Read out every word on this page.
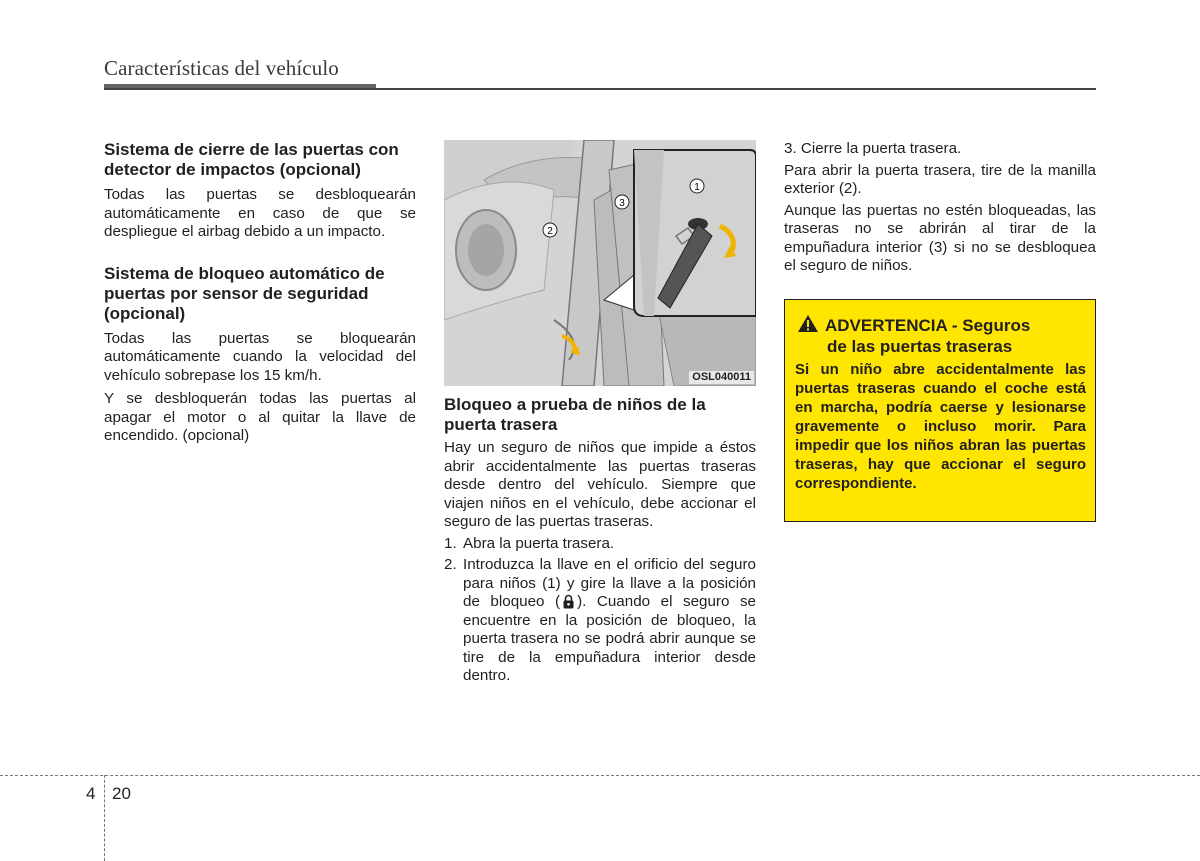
Características del vehículo
Sistema de cierre de las puertas con detector de impactos (opcional)

Todas las puertas se desbloquearán automáticamente en caso de que se despliegue el airbag debido a un impacto.

Sistema de bloqueo automático de puertas por sensor de seguridad (opcional)

Todas las puertas se bloquearán automáticamente cuando la velocidad del vehículo sobrepase los 15 km/h.

Y se desbloquerán todas las puertas al apagar el motor o al quitar la llave de encendido. (opcional)

1
3
2
OSL040011
Bloqueo a prueba de niños de la puerta trasera

Hay un seguro de niños que impide a éstos abrir accidentalmente las puertas traseras desde dentro del vehículo. Siempre que viajen niños en el vehículo, debe accionar el seguro de las puertas traseras.

1. Abra la puerta trasera.
2. Introduzca la llave en el orificio del seguro para niños (1) y gire la llave a la posición de bloqueo ( ). Cuando el seguro se encuentre en la posición de bloqueo, la puerta trasera no se podrá abrir aunque se tire de la empuñadura interior desde dentro.

3. Cierre la puerta trasera.

Para abrir la puerta trasera, tire de la manilla exterior (2).

Aunque las puertas no estén bloqueadas, las traseras no se abrirán al tirar de la empuñadura interior (3) si no se desbloquea el seguro de niños.

ADVERTENCIA - Seguros
de las puertas traseras
Si un niño abre accidentalmente las puertas traseras cuando el coche está en marcha, podría caerse y lesionarse gravemente o incluso morir. Para impedir que los niños abran las puertas traseras, hay que accionar el seguro correspondiente.
4 20
